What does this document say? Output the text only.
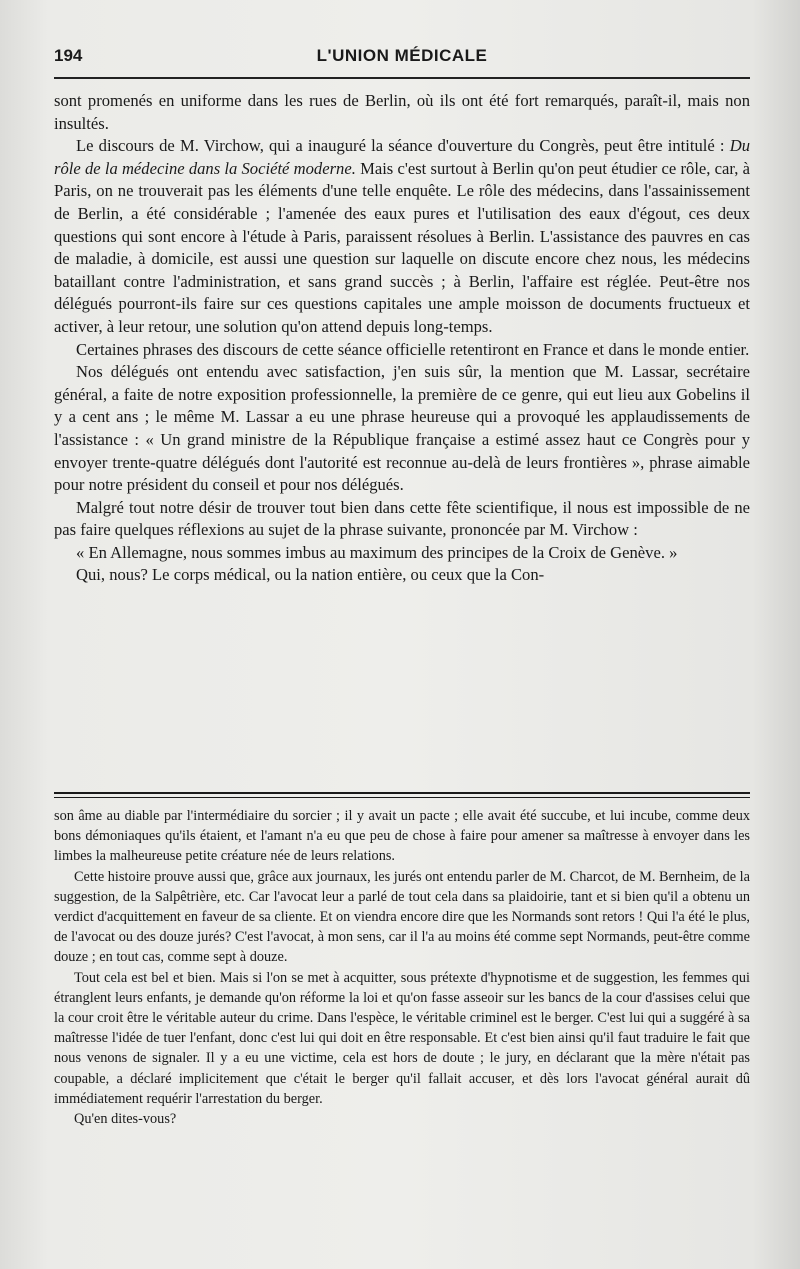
194	L'UNION MÉDICALE

sont promenés en uniforme dans les rues de Berlin, où ils ont été fort remarqués, paraît-il, mais non insultés.

Le discours de M. Virchow, qui a inauguré la séance d'ouverture du Congrès, peut être intitulé : Du rôle de la médecine dans la Société moderne. Mais c'est surtout à Berlin qu'on peut étudier ce rôle, car, à Paris, on ne trouverait pas les éléments d'une telle enquête. Le rôle des médecins, dans l'assainissement de Berlin, a été considérable ; l'amenée des eaux pures et l'utilisation des eaux d'égout, ces deux questions qui sont encore à l'étude à Paris, paraissent résolues à Berlin. L'assistance des pauvres en cas de maladie, à domicile, est aussi une question sur laquelle on discute encore chez nous, les médecins bataillant contre l'administration, et sans grand succès ; à Berlin, l'affaire est réglée. Peut-être nos délégués pourront-ils faire sur ces questions capitales une ample moisson de documents fructueux et activer, à leur retour, une solution qu'on attend depuis long-temps.

Certaines phrases des discours de cette séance officielle retentiront en France et dans le monde entier.

Nos délégués ont entendu avec satisfaction, j'en suis sûr, la mention que M. Lassar, secrétaire général, a faite de notre exposition professionnelle, la première de ce genre, qui eut lieu aux Gobelins il y a cent ans ; le même M. Lassar a eu une phrase heureuse qui a provoqué les applaudissements de l'assistance : « Un grand ministre de la République française a estimé assez haut ce Congrès pour y envoyer trente-quatre délégués dont l'autorité est reconnue au-delà de leurs frontières », phrase aimable pour notre président du conseil et pour nos délégués.

Malgré tout notre désir de trouver tout bien dans cette fête scientifique, il nous est impossible de ne pas faire quelques réflexions au sujet de la phrase suivante, prononcée par M. Virchow :

« En Allemagne, nous sommes imbus au maximum des principes de la Croix de Genève. »

Qui, nous? Le corps médical, ou la nation entière, ou ceux que la Con-

son âme au diable par l'intermédiaire du sorcier ; il y avait un pacte ; elle avait été succube, et lui incube, comme deux bons démoniaques qu'ils étaient, et l'amant n'a eu que peu de chose à faire pour amener sa maîtresse à envoyer dans les limbes la malheureuse petite créature née de leurs relations.

Cette histoire prouve aussi que, grâce aux journaux, les jurés ont entendu parler de M. Charcot, de M. Bernheim, de la suggestion, de la Salpêtrière, etc. Car l'avocat leur a parlé de tout cela dans sa plaidoirie, tant et si bien qu'il a obtenu un verdict d'acquittement en faveur de sa cliente. Et on viendra encore dire que les Normands sont retors ! Qui l'a été le plus, de l'avocat ou des douze jurés? C'est l'avocat, à mon sens, car il l'a au moins été comme sept Normands, peut-être comme douze ; en tout cas, comme sept à douze.

Tout cela est bel et bien. Mais si l'on se met à acquitter, sous prétexte d'hypnotisme et de suggestion, les femmes qui étranglent leurs enfants, je demande qu'on réforme la loi et qu'on fasse asseoir sur les bancs de la cour d'assises celui que la cour croit être le véritable auteur du crime. Dans l'espèce, le véritable criminel est le berger. C'est lui qui a suggéré à sa maîtresse l'idée de tuer l'enfant, donc c'est lui qui doit en être responsable. Et c'est bien ainsi qu'il faut traduire le fait que nous venons de signaler. Il y a eu une victime, cela est hors de doute ; le jury, en déclarant que la mère n'était pas coupable, a déclaré implicitement que c'était le berger qu'il fallait accuser, et dès lors l'avocat général aurait dû immédiatement requérir l'arrestation du berger.

Qu'en dites-vous?
